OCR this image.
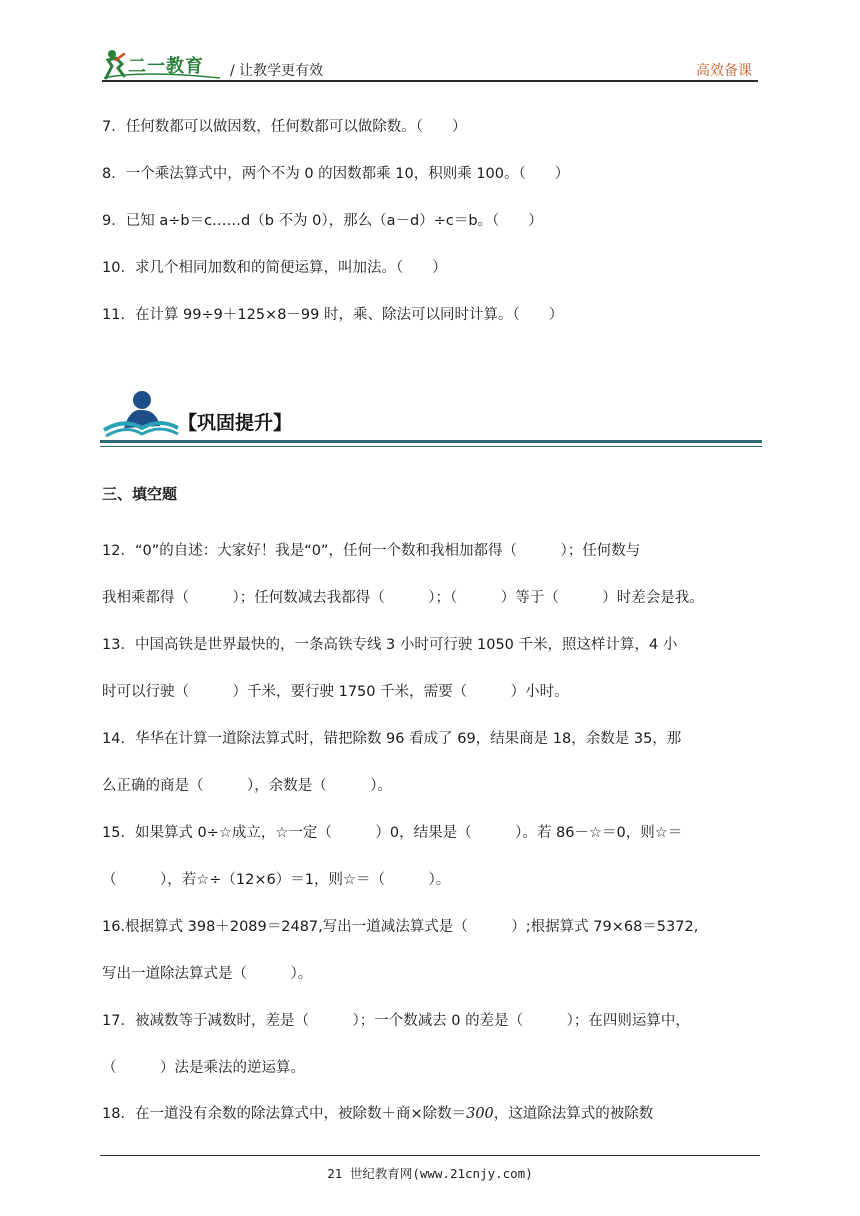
二一教育 / 让教学更有效	高效备课
7．任何数都可以做因数，任何数都可以做除数。（　　）
8．一个乘法算式中，两个不为 0 的因数都乘 10，积则乘 100。（　　）
9．已知 a÷b＝c……d（b 不为 0），那么（a－d）÷c＝b。（　　）
10．求几个相同加数和的简便运算，叫加法。（　　）
11．在计算 99÷9＋125×8－99 时，乘、除法可以同时计算。（　　）
【巩固提升】
三、填空题
12．“0”的自述：大家好！我是“0”，任何一个数和我相加都得（　　　）；任何数与
我相乘都得（　　　）；任何数减去我都得（　　　）；（　　　）等于（　　　）时差会是我。
13．中国高铁是世界最快的，一条高铁专线 3 小时可行驶 1050 千米，照这样计算，4 小
时可以行驶（　　　）千米，要行驶 1750 千米，需要（　　　）小时。
14．华华在计算一道除法算式时，错把除数 96 看成了 69，结果商是 18，余数是 35，那
么正确的商是（　　　），余数是（　　　）。
15．如果算式 0÷☆成立，☆一定（　　　）0，结果是（　　　）。若 86－☆＝0，则☆＝
（　　　），若☆÷（12×6）＝1，则☆＝（　　　）。
16.根据算式 398＋2089＝2487,写出一道减法算式是（　　　）;根据算式 79×68＝5372,
写出一道除法算式是（　　　）。
17．被减数等于减数时，差是（　　　）；一个数减去 0 的差是（　　　）；在四则运算中，
（　　　）法是乘法的逆运算。
18．在一道没有余数的除法算式中，被除数＋商×除数＝300，这道除法算式的被除数
21 世纪教育网(www.21cnjy.com)
